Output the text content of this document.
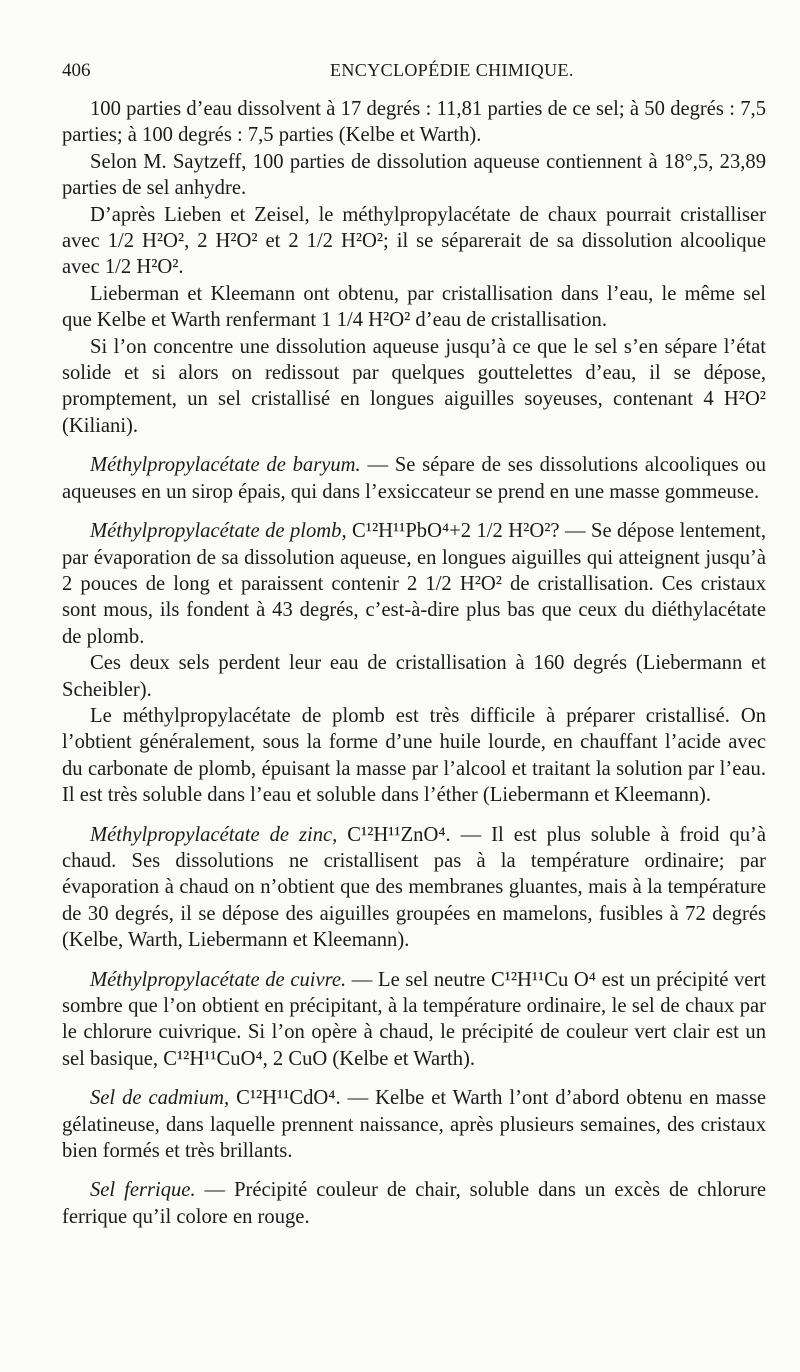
406	ENCYCLOPÉDIE CHIMIQUE.

100 parties d’eau dissolvent à 17 degrés : 11,81 parties de ce sel; à 50 degrés : 7,5 parties; à 100 degrés : 7,5 parties (Kelbe et Warth).

Selon M. Saytzeff, 100 parties de dissolution aqueuse contiennent à 18°,5, 23,89 parties de sel anhydre.

D’après Lieben et Zeisel, le méthylpropylacétate de chaux pourrait cristalliser avec 1/2 H²O², 2 H²O² et 2 1/2 H²O²; il se séparerait de sa dissolution alcoolique avec 1/2 H²O².

Lieberman et Kleemann ont obtenu, par cristallisation dans l’eau, le même sel que Kelbe et Warth renfermant 1 1/4 H²O² d’eau de cristallisation.

Si l’on concentre une dissolution aqueuse jusqu’à ce que le sel s’en sépare l’état solide et si alors on redissout par quelques gouttelettes d’eau, il se dépose, promptement, un sel cristallisé en longues aiguilles soyeuses, contenant 4 H²O² (Kiliani).

Méthylpropylacétate de baryum. — Se sépare de ses dissolutions alcooliques ou aqueuses en un sirop épais, qui dans l’exsiccateur se prend en une masse gommeuse.

Méthylpropylacétate de plomb, C¹²H¹¹PbO⁴+2 1/2 H²O²? — Se dépose lentement, par évaporation de sa dissolution aqueuse, en longues aiguilles qui atteignent jusqu’à 2 pouces de long et paraissent contenir 2 1/2 H²O² de cristallisation. Ces cristaux sont mous, ils fondent à 43 degrés, c’est-à-dire plus bas que ceux du diéthylacétate de plomb.

Ces deux sels perdent leur eau de cristallisation à 160 degrés (Liebermann et Scheibler).

Le méthylpropylacétate de plomb est très difficile à préparer cristallisé. On l’obtient généralement, sous la forme d’une huile lourde, en chauffant l’acide avec du carbonate de plomb, épuisant la masse par l’alcool et traitant la solution par l’eau. Il est très soluble dans l’eau et soluble dans l’éther (Liebermann et Kleemann).

Méthylpropylacétate de zinc, C¹²H¹¹ZnO⁴. — Il est plus soluble à froid qu’à chaud. Ses dissolutions ne cristallisent pas à la température ordinaire; par évaporation à chaud on n’obtient que des membranes gluantes, mais à la température de 30 degrés, il se dépose des aiguilles groupées en mamelons, fusibles à 72 degrés (Kelbe, Warth, Liebermann et Kleemann).

Méthylpropylacétate de cuivre. — Le sel neutre C¹²H¹¹Cu O⁴ est un précipité vert sombre que l’on obtient en précipitant, à la température ordinaire, le sel de chaux par le chlorure cuivrique. Si l’on opère à chaud, le précipité de couleur vert clair est un sel basique, C¹²H¹¹CuO⁴, 2 CuO (Kelbe et Warth).

Sel de cadmium, C¹²H¹¹CdO⁴. — Kelbe et Warth l’ont d’abord obtenu en masse gélatineuse, dans laquelle prennent naissance, après plusieurs semaines, des cristaux bien formés et très brillants.

Sel ferrique. — Précipité couleur de chair, soluble dans un excès de chlorure ferrique qu’il colore en rouge.
